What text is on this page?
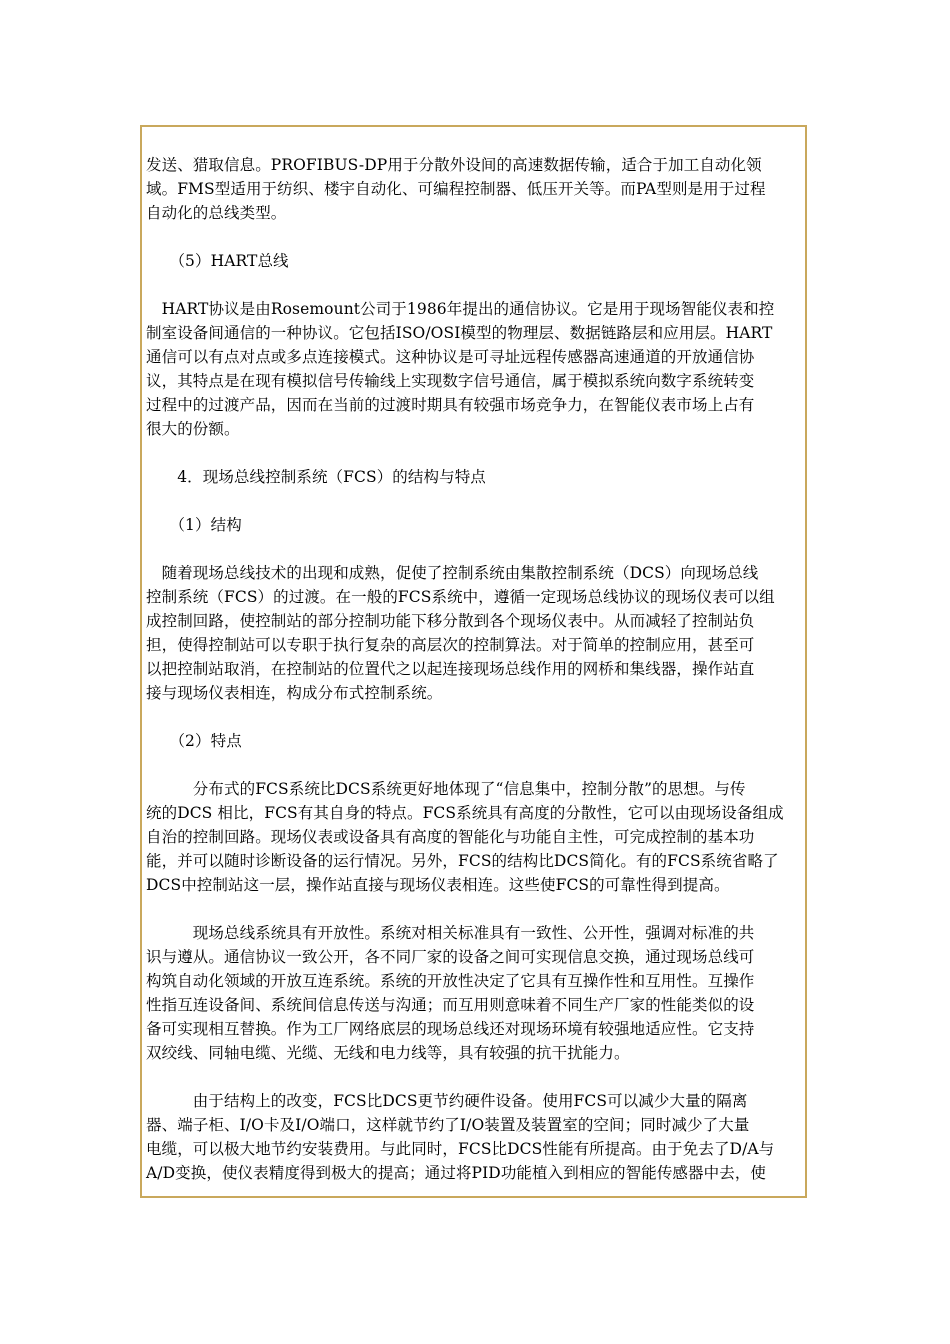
发送、猎取信息。PROFIBUS-DP用于分散外设间的高速数据传输，适合于加工自动化领
域。FMS型适用于纺织、楼宇自动化、可编程控制器、低压开关等。而PA型则是用于过程
自动化的总线类型。
　　（5）HART总线
　HART协议是由Rosemount公司于1986年提出的通信协议。它是用于现场智能仪表和控
制室设备间通信的一种协议。它包括ISO/OSI模型的物理层、数据链路层和应用层。HART
通信可以有点对点或多点连接模式。这种协议是可寻址远程传感器高速通道的开放通信协
议，其特点是在现有模拟信号传输线上实现数字信号通信，属于模拟系统向数字系统转变
过程中的过渡产品，因而在当前的过渡时期具有较强市场竞争力，在智能仪表市场上占有
很大的份额。
　　4．现场总线控制系统（FCS）的结构与特点
　　（1）结构
　随着现场总线技术的出现和成熟，促使了控制系统由集散控制系统（DCS）向现场总线
控制系统（FCS）的过渡。在一般的FCS系统中，遵循一定现场总线协议的现场仪表可以组
成控制回路，使控制站的部分控制功能下移分散到各个现场仪表中。从而减轻了控制站负
担，使得控制站可以专职于执行复杂的高层次的控制算法。对于简单的控制应用，甚至可
以把控制站取消，在控制站的位置代之以起连接现场总线作用的网桥和集线器，操作站直
接与现场仪表相连，构成分布式控制系统。
　　（2）特点
　　　分布式的FCS系统比DCS系统更好地体现了“信息集中，控制分散”的思想。与传
统的DCS 相比，FCS有其自身的特点。FCS系统具有高度的分散性，它可以由现场设备组成
自治的控制回路。现场仪表或设备具有高度的智能化与功能自主性，可完成控制的基本功
能，并可以随时诊断设备的运行情况。另外，FCS的结构比DCS简化。有的FCS系统省略了
DCS中控制站这一层，操作站直接与现场仪表相连。这些使FCS的可靠性得到提高。
　　　现场总线系统具有开放性。系统对相关标准具有一致性、公开性，强调对标准的共
识与遵从。通信协议一致公开，各不同厂家的设备之间可实现信息交换，通过现场总线可
构筑自动化领域的开放互连系统。系统的开放性决定了它具有互操作性和互用性。互操作
性指互连设备间、系统间信息传送与沟通；而互用则意味着不同生产厂家的性能类似的设
备可实现相互替换。作为工厂网络底层的现场总线还对现场环境有较强地适应性。它支持
双绞线、同轴电缆、光缆、无线和电力线等，具有较强的抗干扰能力。
　　　由于结构上的改变，FCS比DCS更节约硬件设备。使用FCS可以减少大量的隔离
器、端子柜、I/O卡及I/O端口，这样就节约了I/O装置及装置室的空间；同时减少了大量
电缆，可以极大地节约安装费用。与此同时，FCS比DCS性能有所提高。由于免去了D/A与
A/D变换，使仪表精度得到极大的提高；通过将PID功能植入到相应的智能传感器中去，使
